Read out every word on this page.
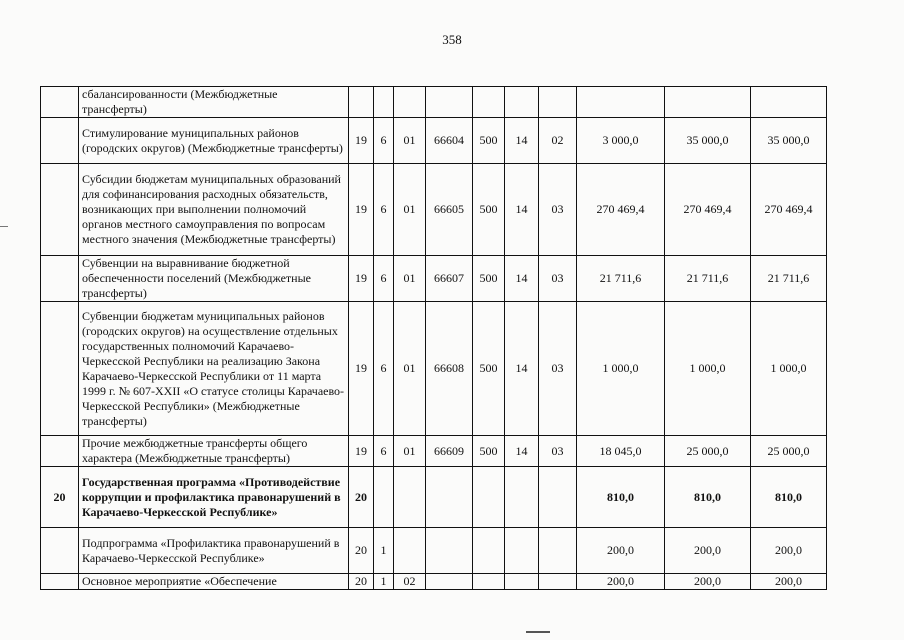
358
	сбалансированности (Межбюджетные трансферты)										
	Стимулирование муниципальных районов (городских округов) (Межбюджетные трансферты)	19	6	01	66604	500	14	02	3 000,0	35 000,0	35 000,0
	Субсидии бюджетам муниципальных образований для софинансирования расходных обязательств, возникающих при выполнении полномочий органов местного самоуправления по вопросам местного значения (Межбюджетные трансферты)	19	6	01	66605	500	14	03	270 469,4	270 469,4	270 469,4
	Субвенции на выравнивание бюджетной обеспеченности поселений (Межбюджетные трансферты)	19	6	01	66607	500	14	03	21 711,6	21 711,6	21 711,6
	Субвенции бюджетам муниципальных районов (городских округов) на осуществление отдельных государственных полномочий Карачаево-Черкесской Республики на реализацию Закона Карачаево-Черкесской Республики от 11 марта 1999 г. № 607-XXII «О статусе столицы Карачаево-Черкесской Республики» (Межбюджетные трансферты)	19	6	01	66608	500	14	03	1 000,0	1 000,0	1 000,0
	Прочие межбюджетные трансферты общего характера (Межбюджетные трансферты)	19	6	01	66609	500	14	03	18 045,0	25 000,0	25 000,0
20	Государственная программа «Противодействие коррупции и профилактика правонарушений в Карачаево-Черкесской Республике»	20							810,0	810,0	810,0
	Подпрограмма «Профилактика правонарушений в Карачаево-Черкесской Республике»	20	1						200,0	200,0	200,0
	Основное мероприятие «Обеспечение	20	1	02					200,0	200,0	200,0
